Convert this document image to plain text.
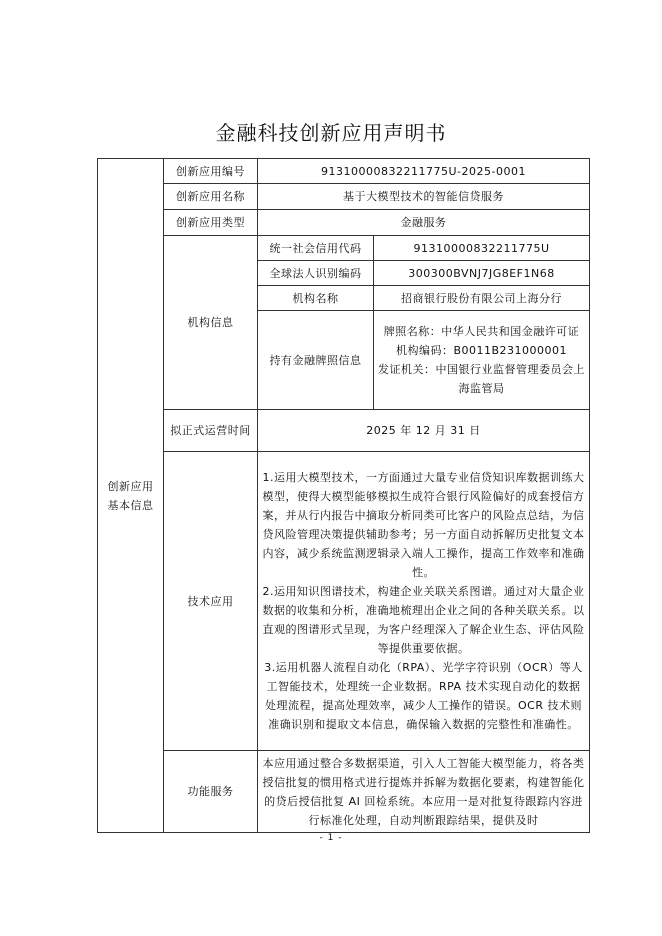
金融科技创新应用声明书
创新应用
基本信息	创新应用编号	91310000832211775U-2025-0001	
	创新应用名称	基于大模型技术的智能信贷服务	
	创新应用类型	金融服务	
	机构信息	统一社会信用代码	91310000832211775U
		全球法人识别编码	300300BVNJ7JG8EF1N68
		机构名称	招商银行股份有限公司上海分行
		持有金融牌照信息	牌照名称：中华人民共和国金融许可证
机构编码：B0011B231000001
发证机关：中国银行业监督管理委员会上海监管局

	拟正式运营时间	2025 年 12 月 31 日	
	技术应用	1.运用大模型技术，一方面通过大量专业信贷知识库数据训练大模型，使得大模型能够模拟生成符合银行风险偏好的成套授信方案，并从行内报告中摘取分析同类可比客户的风险点总结，为信贷风险管理决策提供辅助参考；另一方面自动拆解历史批复文本内容，减少系统监测逻辑录入端人工操作，提高工作效率和准确性。

2.运用知识图谱技术，构建企业关联关系图谱。通过对大量企业数据的收集和分析，准确地梳理出企业之间的各种关联关系。以直观的图谱形式呈现，为客户经理深入了解企业生态、评估风险等提供重要依据。

3.运用机器人流程自动化（RPA）、光学字符识别（OCR）等人工智能技术，处理统一企业数据。RPA 技术实现自动化的数据处理流程，提高处理效率，减少人工操作的错误。OCR 技术则准确识别和提取文本信息，确保输入数据的完整性和准确性。	

	功能服务	本应用通过整合多数据渠道，引入人工智能大模型能力，将各类授信批复的惯用格式进行提炼并拆解为数据化要素，构建智能化的贷后授信批复 AI 回检系统。本应用一是对批复待跟踪内容进行标准化处理，自动判断跟踪结果，提供及时	

- 1 -
